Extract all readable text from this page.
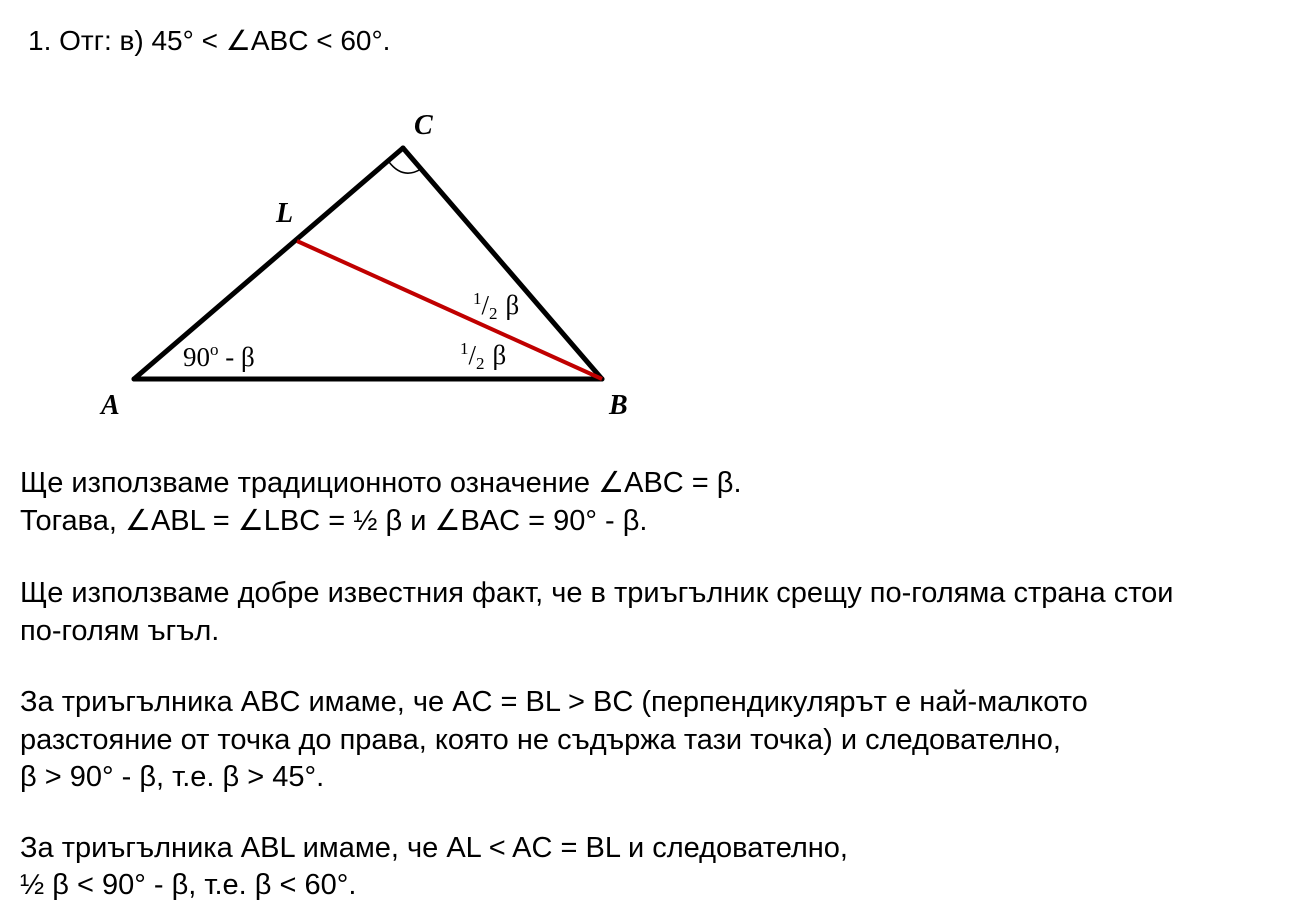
1. Отг: в) 45° < ∠ABC < 60°.
C
L
A	B
90$^o$ - β
$^1$/2 β
$^1$/2 β
Ще използваме традиционното означение ∠ABC = β.
Тогава, ∠ABL = ∠LBC = ½ β и ∠BAC = 90° - β.
Ще използваме добре известния факт, че в триъгълник срещу по-голяма страна стои
по-голям ъгъл.
За триъгълника ABC имаме, че AC = BL > BC (перпендикулярът е най-малкото
разстояние от точка до права, която не съдържа тази точка) и следователно,
β > 90° - β, т.е. β > 45°.
За триъгълника ABL имаме, че AL < AC = BL и следователно,
½ β < 90° - β, т.е. β < 60°.
